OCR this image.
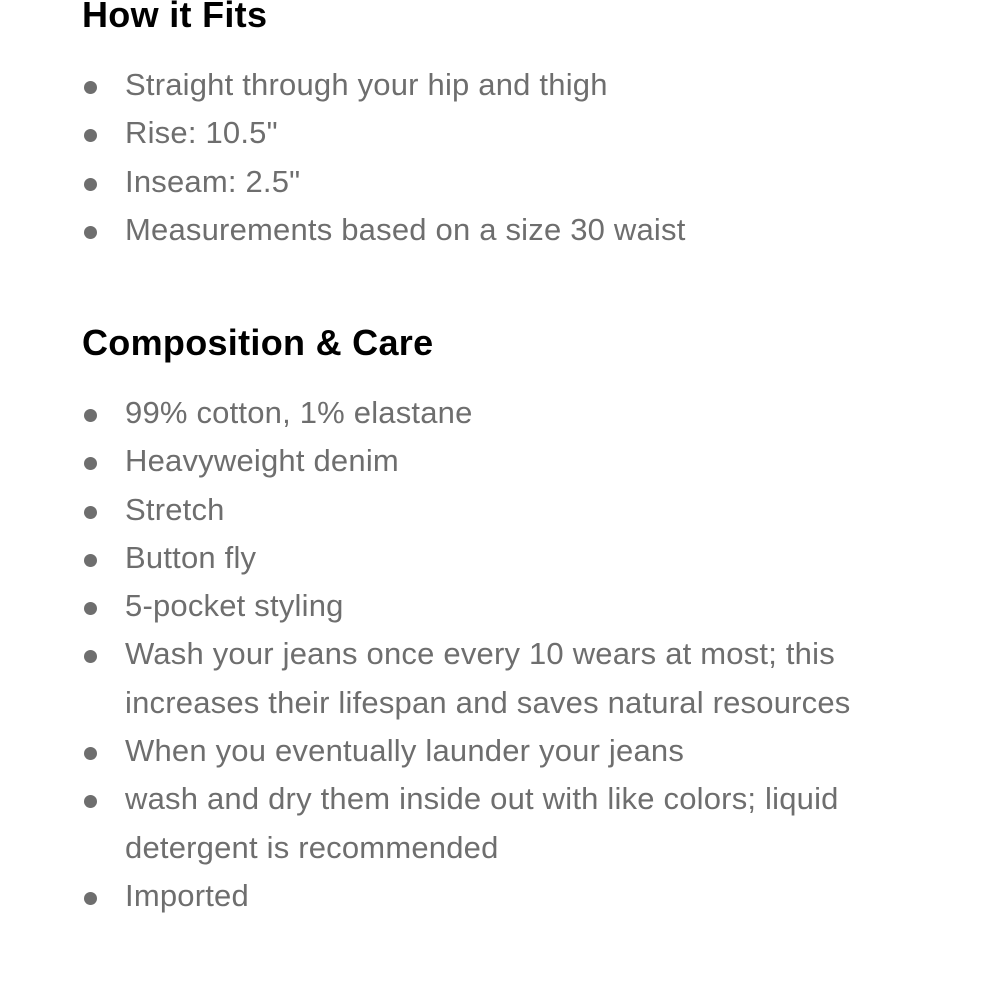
How it Fits
Straight through your hip and thigh
Rise: 10.5"
Inseam: 2.5"
Measurements based on a size 30 waist
Composition & Care
99% cotton, 1% elastane
Heavyweight denim
Stretch
Button fly
5-pocket styling
Wash your jeans once every 10 wears at most; this increases their lifespan and saves natural resources
When you eventually launder your jeans
wash and dry them inside out with like colors; liquid detergent is recommended
Imported
